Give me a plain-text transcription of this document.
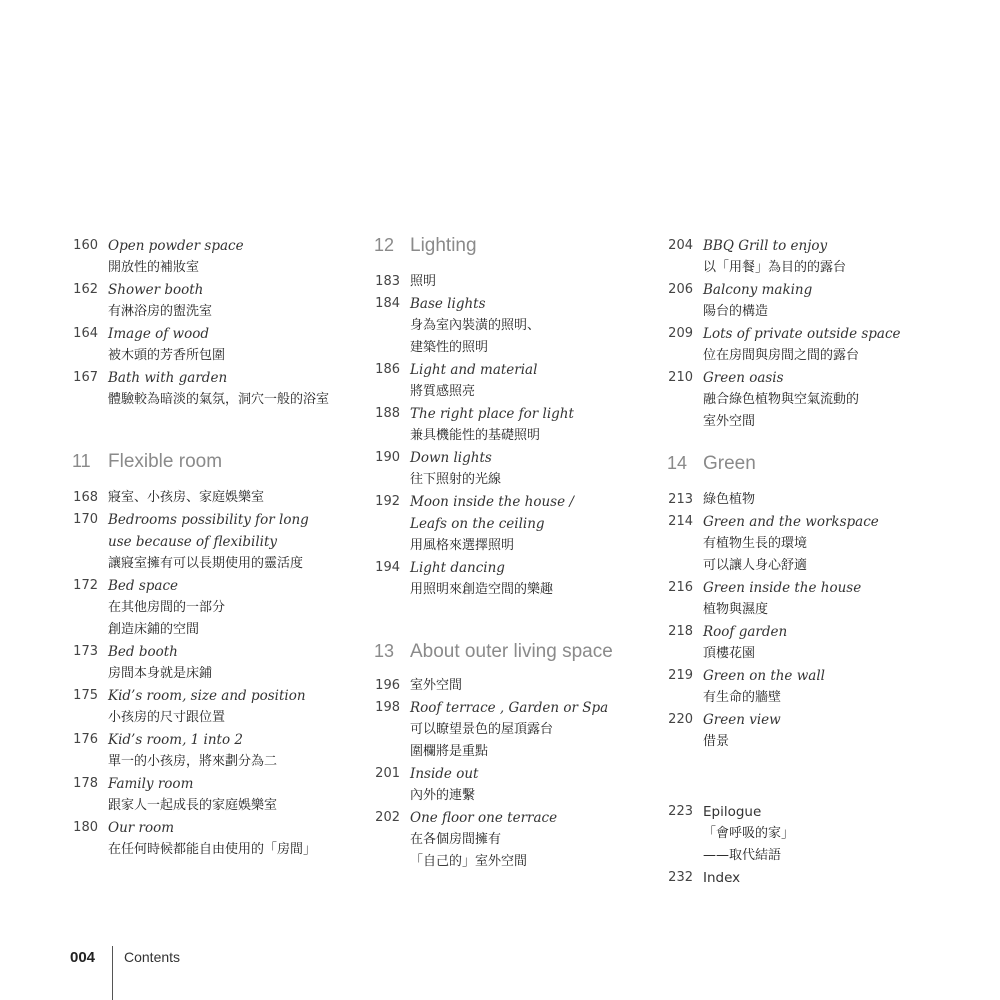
160 Open powder space
開放性的補妝室
162 Shower booth
有淋浴房的盥洗室
164 Image of wood
被木頭的芳香所包圍
167 Bath with garden
體驗較為暗淡的氣氛，洞穴一般的浴室
11 Flexible room
168 寢室、小孩房、家庭娛樂室
170 Bedrooms possibility for long
use because of flexibility
讓寢室擁有可以長期使用的靈活度
172 Bed space
在其他房間的一部分
創造床鋪的空間
173 Bed booth
房間本身就是床鋪
175 Kid’s room, size and position
小孩房的尺寸跟位置
176 Kid’s room, 1 into 2
單一的小孩房，將來劃分為二
178 Family room
跟家人一起成長的家庭娛樂室
180 Our room
在任何時候都能自由使用的「房間」
12 Lighting
183 照明
184 Base lights
身為室內裝潢的照明、
建築性的照明
186 Light and material
將質感照亮
188 The right place for light
兼具機能性的基礎照明
190 Down lights
往下照射的光線
192 Moon inside the house /
Leafs on the ceiling
用風格來選擇照明
194 Light dancing
用照明來創造空間的樂趣
13 About outer living space
196 室外空間
198 Roof terrace , Garden or Spa
可以瞭望景色的屋頂露台
圍欄將是重點
201 Inside out
內外的連繫
202 One floor one terrace
在各個房間擁有
「自己的」室外空間
204 BBQ Grill to enjoy
以「用餐」為目的的露台
206 Balcony making
陽台的構造
209 Lots of private outside space
位在房間與房間之間的露台
210 Green oasis
融合綠色植物與空氣流動的
室外空間
14 Green
213 綠色植物
214 Green and the workspace
有植物生長的環境
可以讓人身心舒適
216 Green inside the house
植物與濕度
218 Roof garden
頂樓花園
219 Green on the wall
有生命的牆壁
220 Green view
借景
223 Epilogue
「會呼吸的家」
——取代結語
232 Index
004 Contents
